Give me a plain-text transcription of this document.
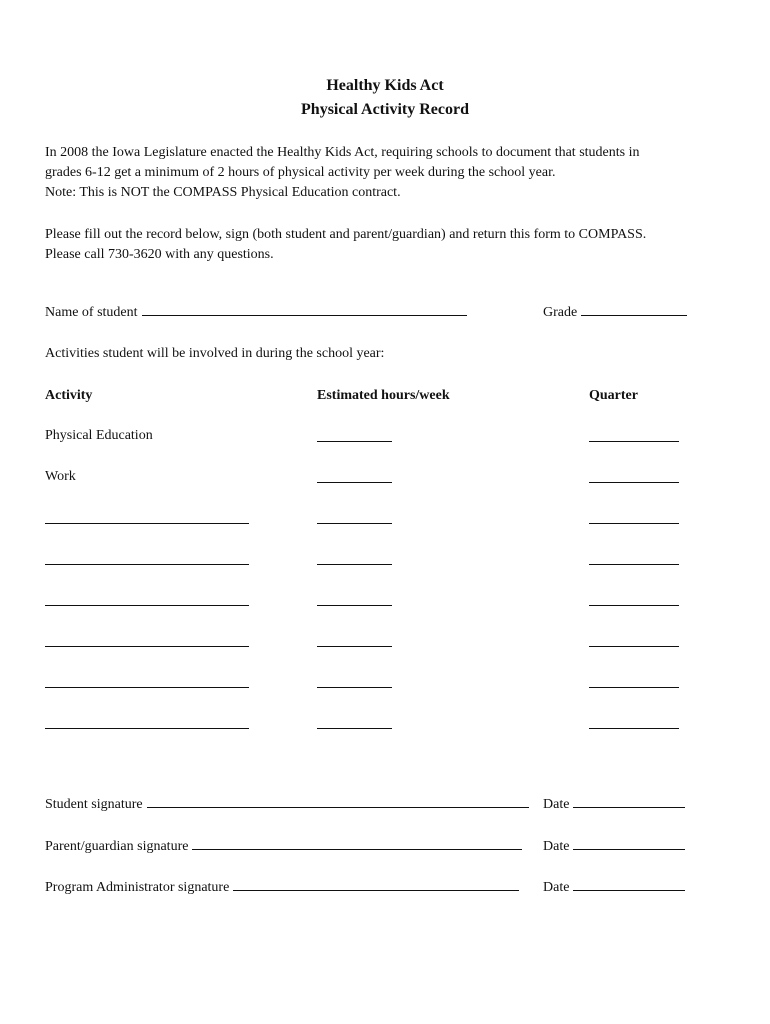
Healthy Kids Act
Physical Activity Record
In 2008 the Iowa Legislature enacted the Healthy Kids Act, requiring schools to document that students in
grades 6-12 get a minimum of 2 hours of physical activity per week during the school year.
Note: This is NOT the COMPASS Physical Education contract.
Please fill out the record below, sign (both student and parent/guardian) and return this form to COMPASS.
Please call 730-3620 with any questions.
Name of student	Grade
Activities student will be involved in during the school year:
Activity	Estimated hours/week	Quarter
Physical Education
Work
Student signature	Date
Parent/guardian signature	Date
Program Administrator signature	Date
